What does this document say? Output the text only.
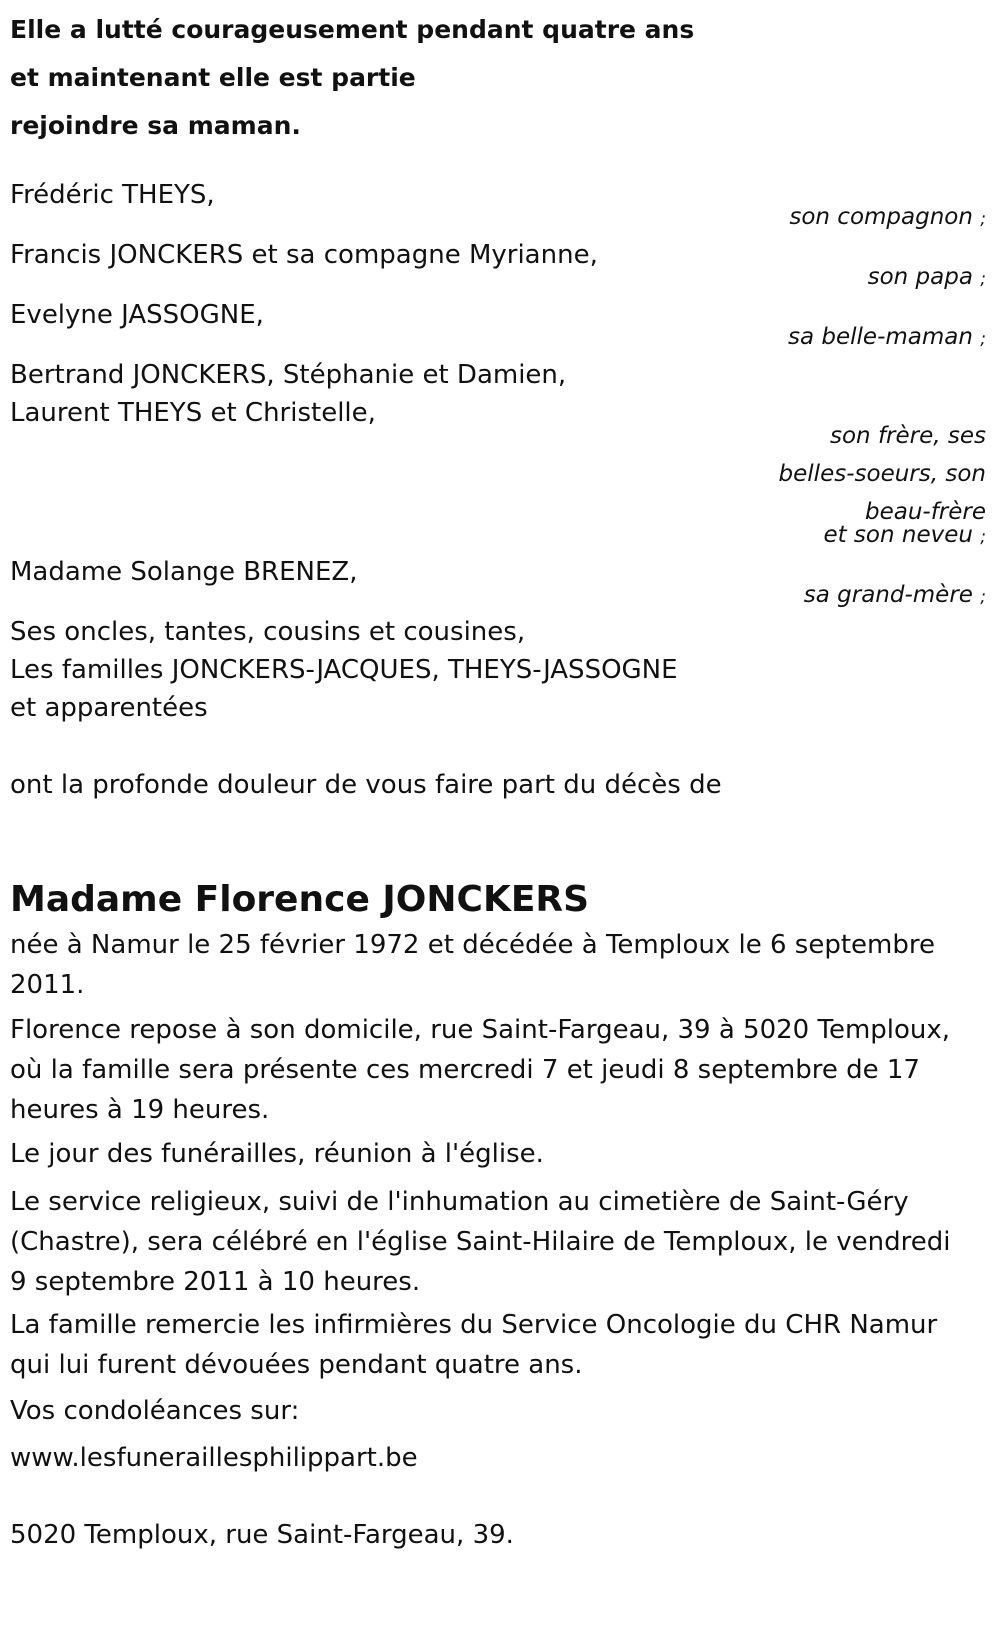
Elle a lutté courageusement pendant quatre ans
et maintenant elle est partie
rejoindre sa maman.
Frédéric THEYS,
Francis JONCKERS et sa compagne Myrianne,
Evelyne JASSOGNE,
Bertrand JONCKERS, Stéphanie et Damien,
Laurent THEYS et Christelle,
Madame Solange BRENEZ,
son compagnon ;
son papa ;
sa belle-maman ;
son frère, ses
belles-soeurs, son
beau-frère
et son neveu ;
sa grand-mère ;
Ses oncles, tantes, cousins et cousines,
Les familles JONCKERS-JACQUES, THEYS-JASSOGNE
et apparentées
ont la profonde douleur de vous faire part du décès de
Madame Florence JONCKERS
née à Namur le 25 février 1972 et décédée à Temploux le 6 septembre 2011.
Florence repose à son domicile, rue Saint-Fargeau, 39 à 5020 Temploux, où la famille sera présente ces mercredi 7 et jeudi 8 septembre de 17 heures à 19 heures.
Le jour des funérailles, réunion à l'église.
Le service religieux, suivi de l'inhumation au cimetière de Saint-Géry (Chastre), sera célébré en l'église Saint-Hilaire de Temploux, le vendredi 9 septembre 2011 à 10 heures.
La famille remercie les infirmières du Service Oncologie du CHR Namur qui lui furent dévouées pendant quatre ans.
Vos condoléances sur:
www.lesfuneraillesphilippart.be
5020 Temploux, rue Saint-Fargeau, 39.
